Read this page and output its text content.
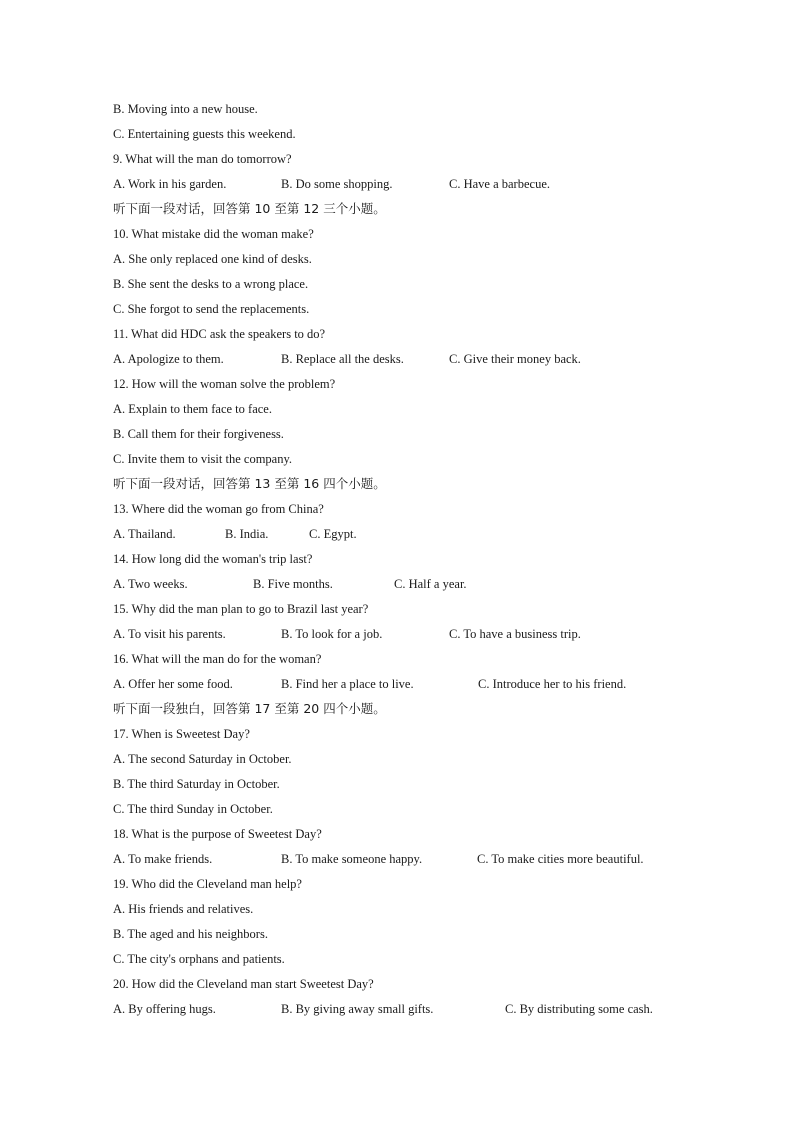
B. Moving into a new house.
C. Entertaining guests this weekend.
9. What will the man do tomorrow?
A. Work in his garden.	B. Do some shopping.	C. Have a barbecue.
听下面一段对话，回答第 10 至第 12 三个小题。
10. What mistake did the woman make?
A. She only replaced one kind of desks.
B. She sent the desks to a wrong place.
C. She forgot to send the replacements.
11. What did HDC ask the speakers to do?
A. Apologize to them.	B. Replace all the desks.	C. Give their money back.
12. How will the woman solve the problem?
A. Explain to them face to face.
B. Call them for their forgiveness.
C. Invite them to visit the company.
听下面一段对话，回答第 13 至第 16 四个小题。
13. Where did the woman go from China?
A. Thailand.	B. India.	C. Egypt.
14. How long did the woman's trip last?
A. Two weeks.	B. Five months.	C. Half a year.
15. Why did the man plan to go to Brazil last year?
A. To visit his parents.	B. To look for a job.	C. To have a business trip.
16. What will the man do for the woman?
A. Offer her some food.	B. Find her a place to live.	C. Introduce her to his friend.
听下面一段独白，回答第 17 至第 20 四个小题。
17. When is Sweetest Day?
A. The second Saturday in October.
B. The third Saturday in October.
C. The third Sunday in October.
18. What is the purpose of Sweetest Day?
A. To make friends.	B. To make someone happy.	C. To make cities more beautiful.
19. Who did the Cleveland man help?
A. His friends and relatives.
B. The aged and his neighbors.
C. The city's orphans and patients.
20. How did the Cleveland man start Sweetest Day?
A. By offering hugs.	B. By giving away small gifts.	C. By distributing some cash.
